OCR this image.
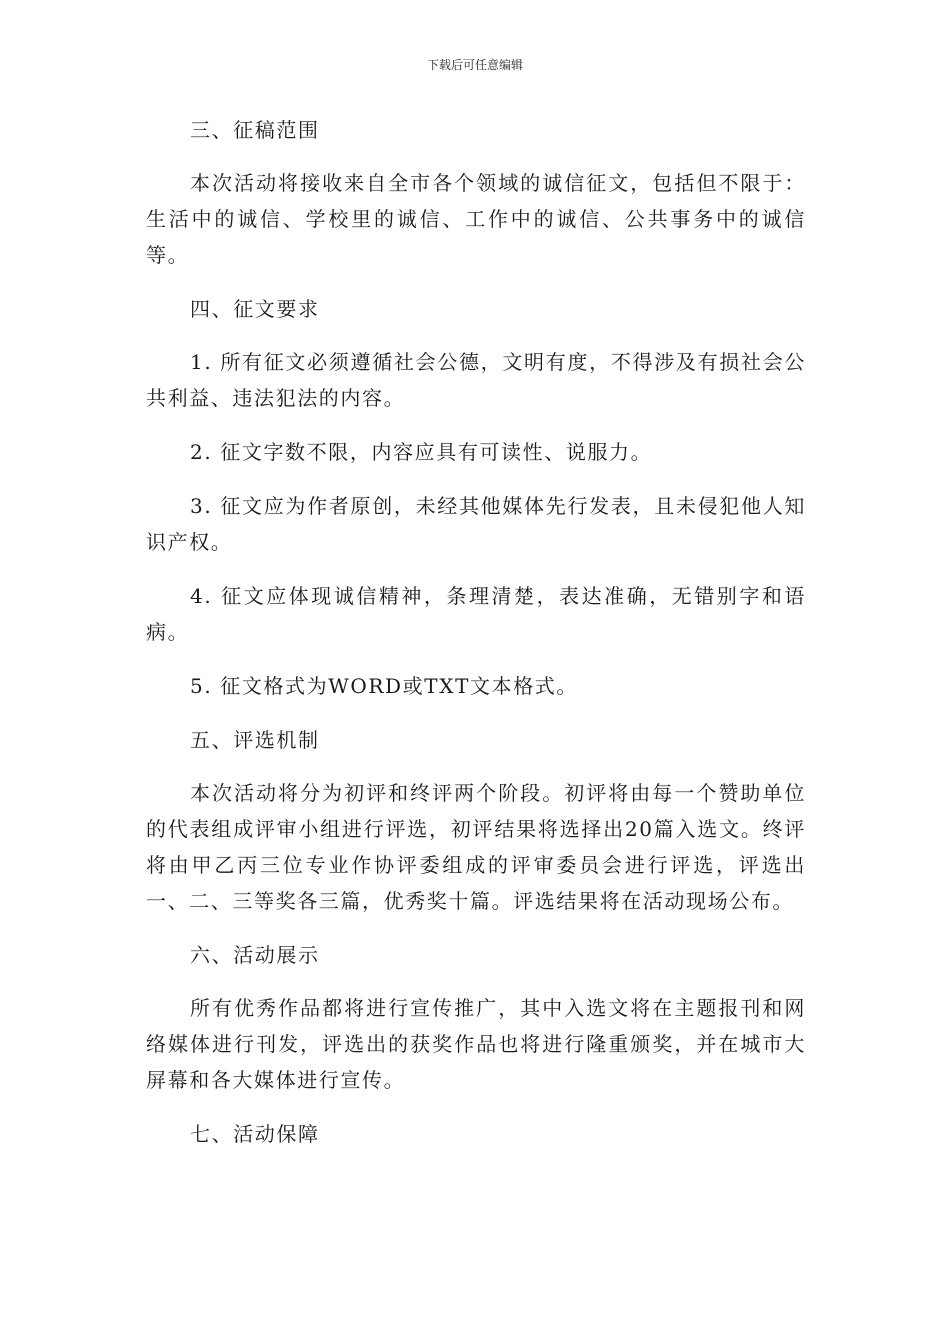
下载后可任意编辑

三、征稿范围

本次活动将接收来自全市各个领域的诚信征文，包括但不限于：生活中的诚信、学校里的诚信、工作中的诚信、公共事务中的诚信等。

四、征文要求

1. 所有征文必须遵循社会公德，文明有度，不得涉及有损社会公共利益、违法犯法的内容。

2. 征文字数不限，内容应具有可读性、说服力。

3. 征文应为作者原创，未经其他媒体先行发表，且未侵犯他人知识产权。

4. 征文应体现诚信精神，条理清楚，表达准确，无错别字和语病。

5. 征文格式为WORD或TXT文本格式。

五、评选机制

本次活动将分为初评和终评两个阶段。初评将由每一个赞助单位的代表组成评审小组进行评选，初评结果将选择出20篇入选文。终评将由甲乙丙三位专业作协评委组成的评审委员会进行评选，评选出一、二、三等奖各三篇，优秀奖十篇。评选结果将在活动现场公布。

六、活动展示

所有优秀作品都将进行宣传推广，其中入选文将在主题报刊和网络媒体进行刊发，评选出的获奖作品也将进行隆重颁奖，并在城市大屏幕和各大媒体进行宣传。

七、活动保障
